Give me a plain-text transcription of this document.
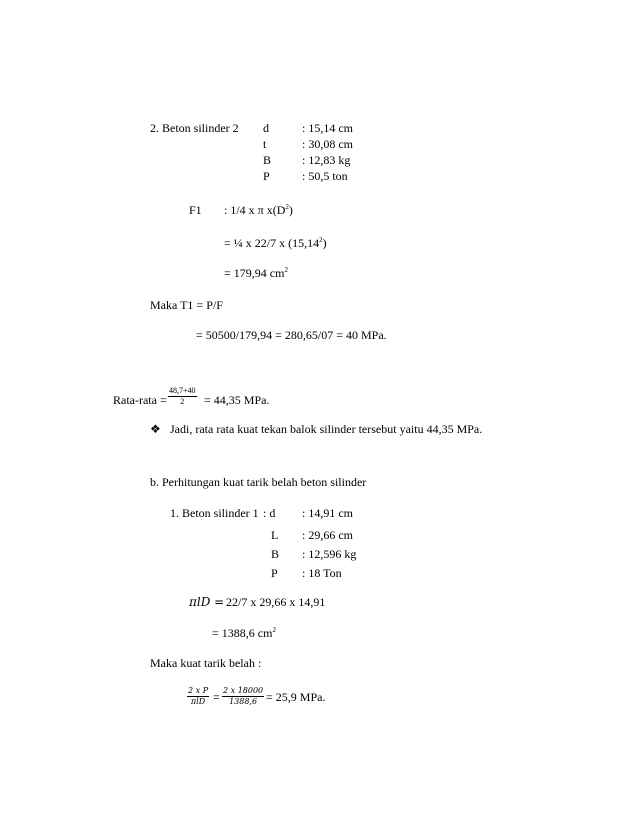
2. Beton silinder 2 d	: 15,14 cm
t	: 30,08 cm
B	: 12,83 kg
P	: 50,5 ton
F1 : 1/4 x π $x(D^2)$
= ¼ x 22/7 x $(15,14^2)$
= 179,94 $cm^2$
Maka T1 = P/F
= 50500/179,94 = 280,65/07 = 40 MPa.
Rata-rata = $\frac{48,7+40}{2} = 44,35$ MPa.
❖ Jadi, rata rata kuat tekan balok silinder tersebut yaitu 44,35 MPa.
b. Perhitungan kuat tarik belah beton silinder
1. Beton silinder 1 : d : 14,91 cm
L : 29,66 cm
B : 12,596 kg
P : 18 Ton
πlD = 22/7 x 29,66 x 14,91
= 1388,6 $cm^2$
Maka kuat tarik belah :
2 x P
$\pi lD = \frac{2 x 18000}{1388,6} = 25,9$ MPa.
